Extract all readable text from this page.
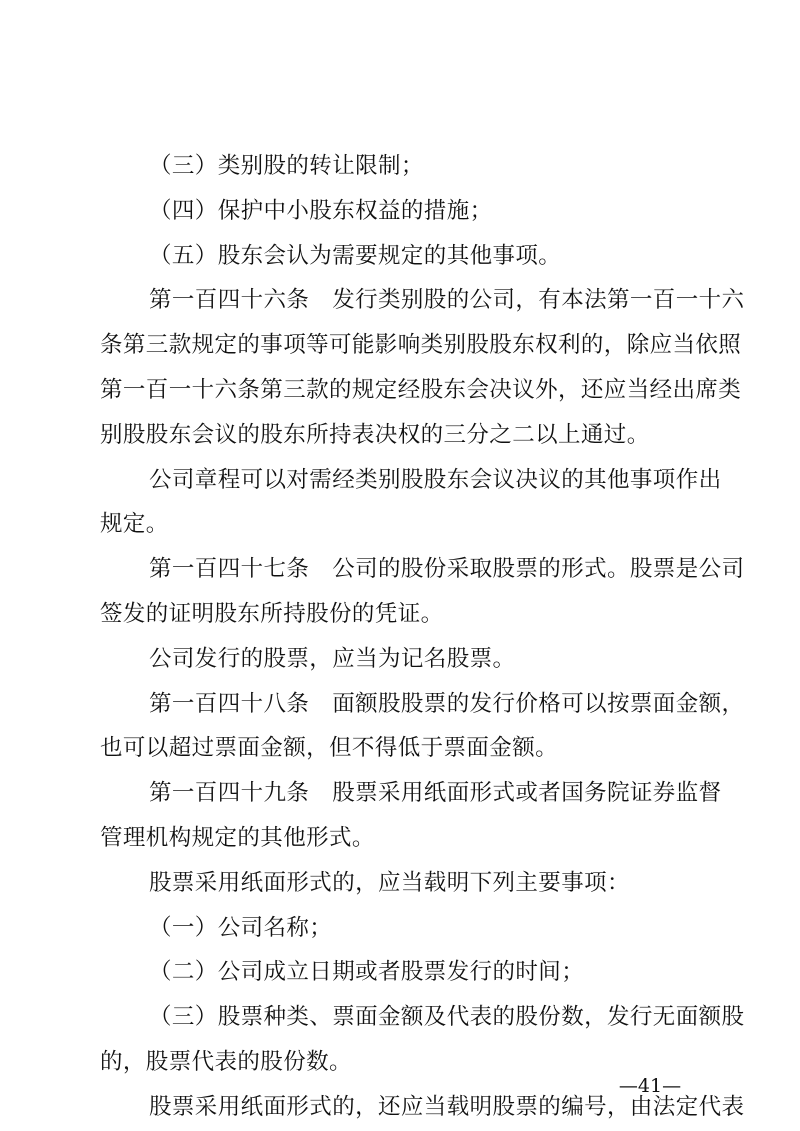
（三）类别股的转让限制；
（四）保护中小股东权益的措施；
（五）股东会认为需要规定的其他事项。
第一百四十六条　发行类别股的公司，有本法第一百一十六
条第三款规定的事项等可能影响类别股股东权利的，除应当依照
第一百一十六条第三款的规定经股东会决议外，还应当经出席类
别股股东会议的股东所持表决权的三分之二以上通过。
公司章程可以对需经类别股股东会议决议的其他事项作出
规定。
第一百四十七条　公司的股份采取股票的形式。股票是公司
签发的证明股东所持股份的凭证。
公司发行的股票，应当为记名股票。
第一百四十八条　面额股股票的发行价格可以按票面金额，
也可以超过票面金额，但不得低于票面金额。
第一百四十九条　股票采用纸面形式或者国务院证券监督
管理机构规定的其他形式。
股票采用纸面形式的，应当载明下列主要事项：
（一）公司名称；
（二）公司成立日期或者股票发行的时间；
（三）股票种类、票面金额及代表的股份数，发行无面额股
的，股票代表的股份数。
股票采用纸面形式的，还应当载明股票的编号，由法定代表
—41—
